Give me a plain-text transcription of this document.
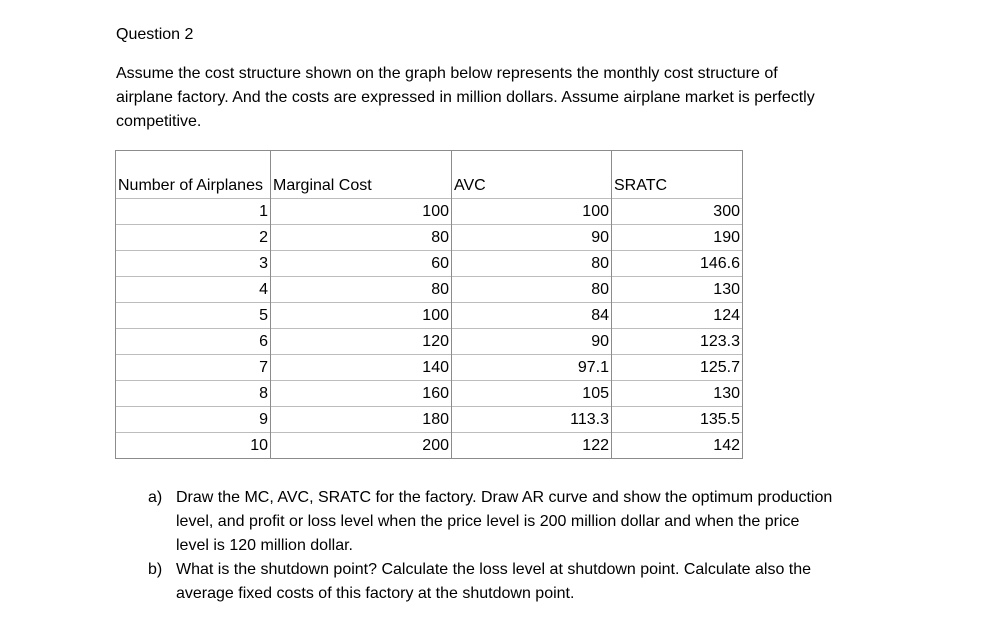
Question 2

Assume the cost structure shown on the graph below represents the monthly cost structure of

airplane factory. And the costs are expressed in million dollars. Assume airplane market is perfectly

competitive.

Number of Airplanes	Marginal Cost	AVC	SRATC
1	100	100	300
2	80	90	190
3	60	80	146.6
4	80	80	130
5	100	84	124
6	120	90	123.3
7	140	97.1	125.7
8	160	105	130
9	180	113.3	135.5
10	200	122	142
a) Draw the MC, AVC, SRATC for the factory. Draw AR curve and show the optimum production
level, and profit or loss level when the price level is 200 million dollar and when the price
level is 120 million dollar.
b) What is the shutdown point? Calculate the loss level at shutdown point. Calculate also the
average fixed costs of this factory at the shutdown point.
